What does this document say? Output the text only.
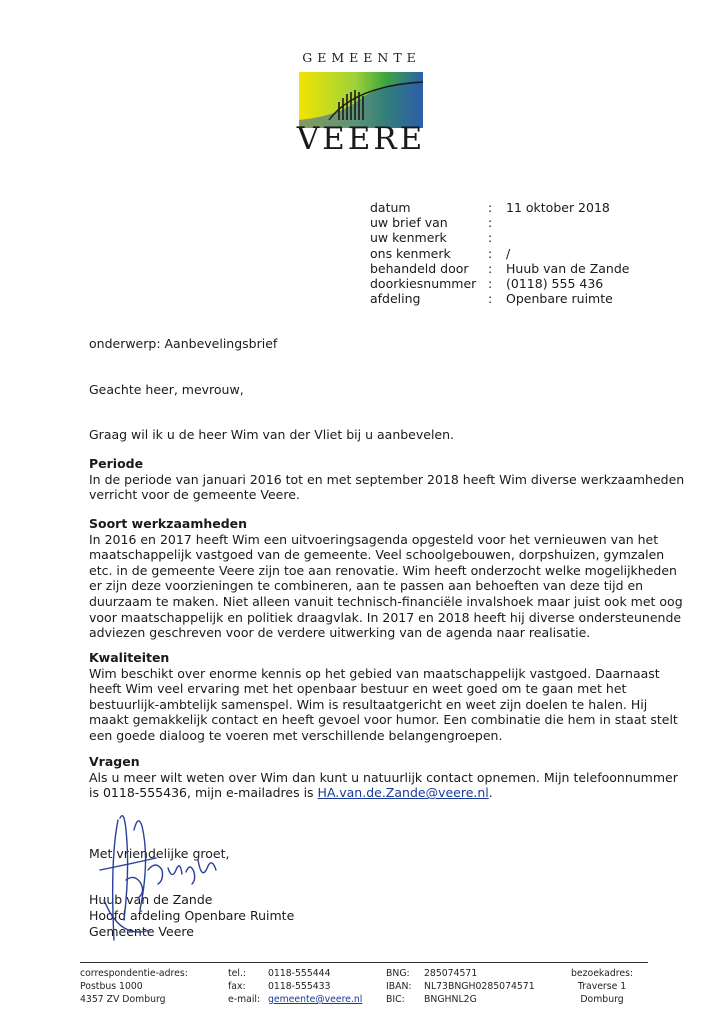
GEMEENTE
VEERE
datum	:	11 oktober 2018
uw brief van	:
uw kenmerk	:
ons kenmerk	:	/
behandeld door	:	Huub van de Zande
doorkiesnummer :	(0118) 555 436
afdeling	:	Openbare ruimte
onderwerp: Aanbevelingsbrief
Geachte heer, mevrouw,
Graag wil ik u de heer Wim van der Vliet bij u aanbevelen.
Periode

In de periode van januari 2016 tot en met september 2018 heeft Wim diverse werkzaamheden

verricht voor de gemeente Veere.

Soort werkzaamheden

In 2016 en 2017 heeft Wim een uitvoeringsagenda opgesteld voor het vernieuwen van het

maatschappelijk vastgoed van de gemeente. Veel schoolgebouwen, dorpshuizen, gymzalen

etc. in de gemeente Veere zijn toe aan renovatie. Wim heeft onderzocht welke mogelijkheden

er zijn deze voorzieningen te combineren, aan te passen aan behoeften van deze tijd en

duurzaam te maken. Niet alleen vanuit technisch-financiële invalshoek maar juist ook met oog

voor maatschappelijk en politiek draagvlak. In 2017 en 2018 heeft hij diverse ondersteunende

adviezen geschreven voor de verdere uitwerking van de agenda naar realisatie.

Kwaliteiten

Wim beschikt over enorme kennis op het gebied van maatschappelijk vastgoed. Daarnaast

heeft Wim veel ervaring met het openbaar bestuur en weet goed om te gaan met het

bestuurlijk-ambtelijk samenspel. Wim is resultaatgericht en weet zijn doelen te halen. Hij

maakt gemakkelijk contact en heeft gevoel voor humor. Een combinatie die hem in staat stelt

een goede dialoog te voeren met verschillende belangengroepen.

Vragen

Als u meer wilt weten over Wim dan kunt u natuurlijk contact opnemen. Mijn telefoonnummer

is 0118-555436, mijn e-mailadres is HA.van.de.Zande@veere.nl.

Met vriendelijke groet,
Huub van de Zande
Hoofd afdeling Openbare Ruimte
Gemeente Veere
correspondentie-adres:
Postbus 1000
4357 ZV Domburg
tel.:	0118-555444
fax:	0118-555433
e-mail: gemeente@veere.nl
BNG:	285074571
IBAN:	NL73BNGH0285074571
BIC:	BNGHNL2G
bezoekadres:
Traverse 1
Domburg
